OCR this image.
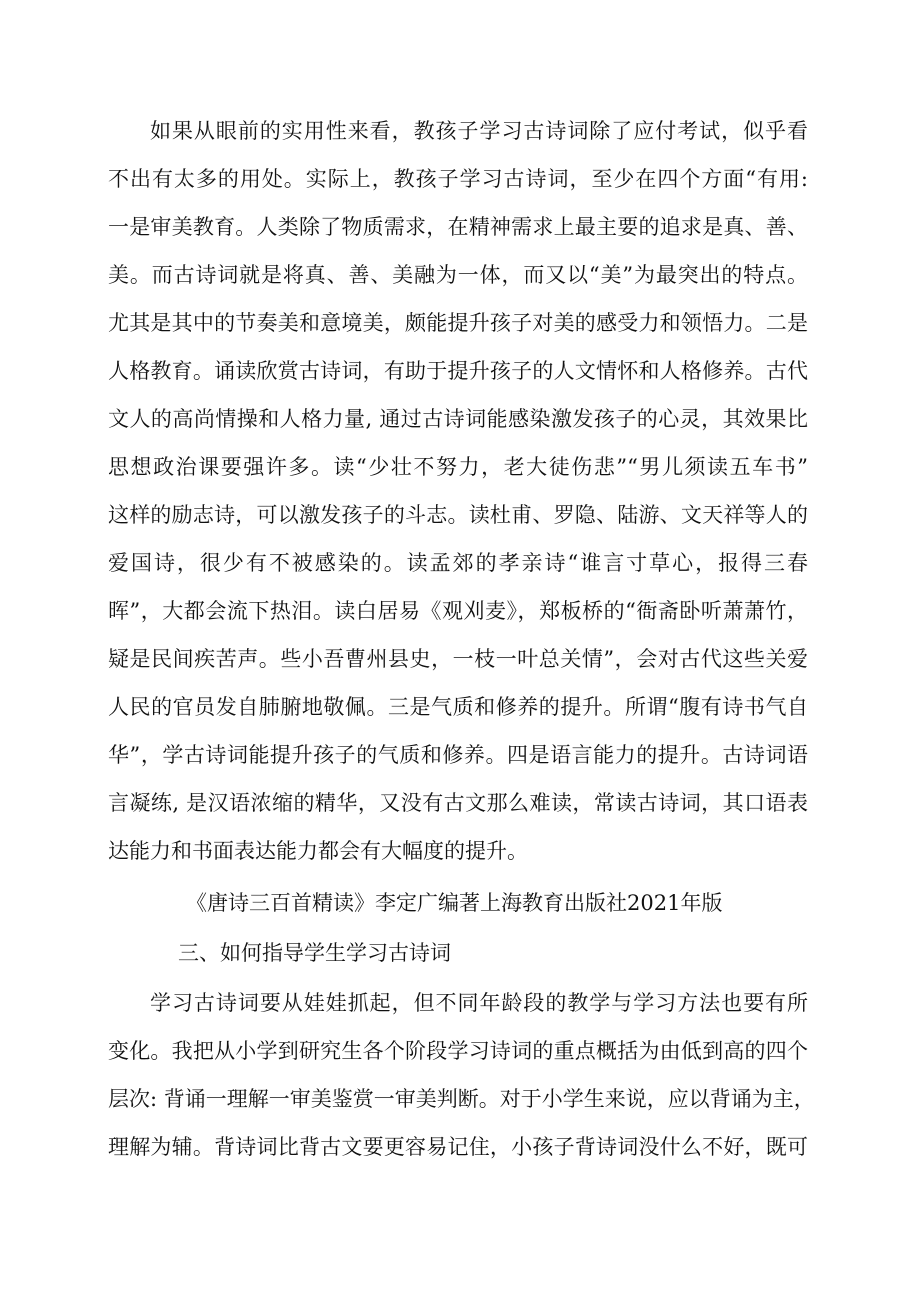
如果从眼前的实用性来看，教孩子学习古诗词除了应付考试，似乎看
不出有太多的用处。实际上，教孩子学习古诗词，至少在四个方面“有用:
一是审美教育。人类除了物质需求，在精神需求上最主要的追求是真、善、
美。而古诗词就是将真、善、美融为一体，而又以“美”为最突出的特点。
尤其是其中的节奏美和意境美，颇能提升孩子对美的感受力和领悟力。二是
人格教育。诵读欣赏古诗词，有助于提升孩子的人文情怀和人格修养。古代
文人的高尚情操和人格力量, 通过古诗词能感染激发孩子的心灵，其效果比
思想政治课要强许多。读“少壮不努力，老大徒伤悲”“男儿须读五车书”
这样的励志诗，可以激发孩子的斗志。读杜甫、罗隐、陆游、文天祥等人的
爱国诗，很少有不被感染的。读孟郊的孝亲诗“谁言寸草心，报得三春
晖”，大都会流下热泪。读白居易《观刈麦》，郑板桥的“衙斋卧听萧萧竹，
疑是民间疾苦声。些小吾曹州县史，一枝一叶总关情”，会对古代这些关爱
人民的官员发自肺腑地敬佩。三是气质和修养的提升。所谓“腹有诗书气自
华”，学古诗词能提升孩子的气质和修养。四是语言能力的提升。古诗词语
言凝练, 是汉语浓缩的精华，又没有古文那么难读，常读古诗词，其口语表
达能力和书面表达能力都会有大幅度的提升。
《唐诗三百首精读》李定广编著上海教育出版社2021年版
三、如何指导学生学习古诗词
学习古诗词要从娃娃抓起，但不同年龄段的教学与学习方法也要有所
变化。我把从小学到研究生各个阶段学习诗词的重点概括为由低到高的四个
层次: 背诵一理解一审美鉴赏一审美判断。对于小学生来说，应以背诵为主，
理解为辅。背诗词比背古文要更容易记住，小孩子背诗词没什么不好，既可
